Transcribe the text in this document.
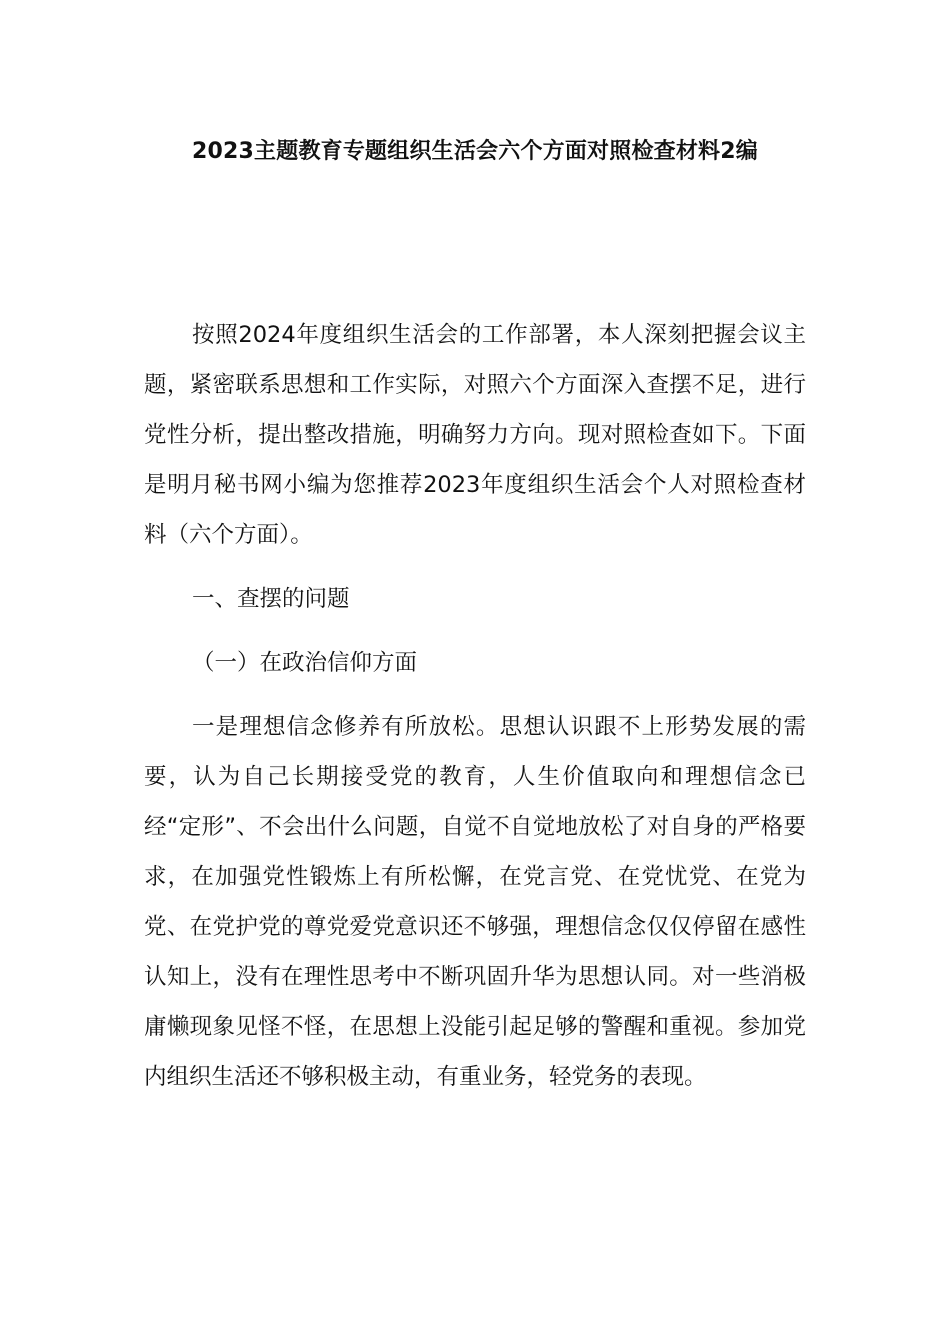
2023主题教育专题组织生活会六个方面对照检查材料2编

按照2024年度组织生活会的工作部署，本人深刻把握会议主题，紧密联系思想和工作实际，对照六个方面深入查摆不足，进行党性分析，提出整改措施，明确努力方向。现对照检查如下。下面是明月秘书网小编为您推荐2023年度组织生活会个人对照检查材料（六个方面）。

一、查摆的问题

（一）在政治信仰方面

一是理想信念修养有所放松。思想认识跟不上形势发展的需要，认为自己长期接受党的教育，人生价值取向和理想信念已经“定形”、不会出什么问题，自觉不自觉地放松了对自身的严格要求，在加强党性锻炼上有所松懈，在党言党、在党忧党、在党为党、在党护党的尊党爱党意识还不够强，理想信念仅仅停留在感性认知上，没有在理性思考中不断巩固升华为思想认同。对一些消极庸懒现象见怪不怪，在思想上没能引起足够的警醒和重视。参加党内组织生活还不够积极主动，有重业务，轻党务的表现。
